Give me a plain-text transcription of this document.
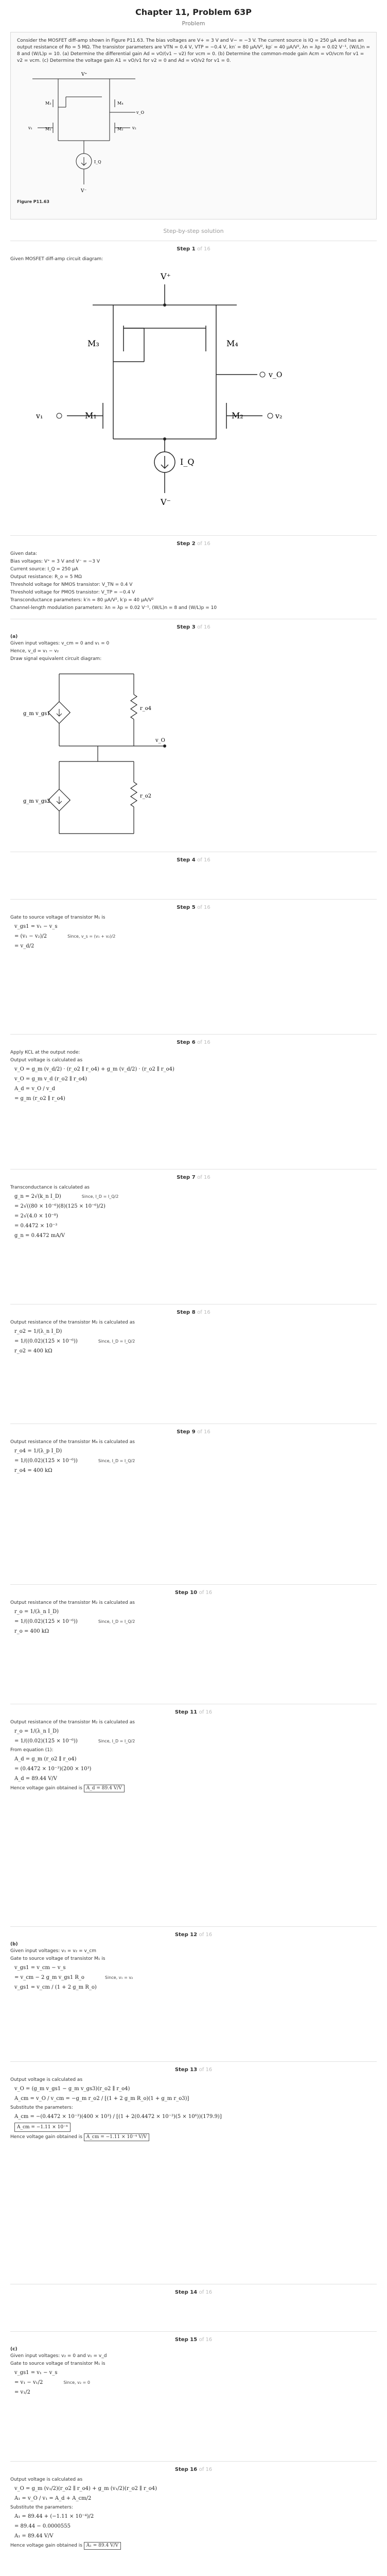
Chapter 11, Problem 63P
Problem
Consider the MOSFET diff-amp shown in Figure P11.63. The bias voltages are V+ = 3 V and V− = −3 V. The current source is IQ = 250 µA and has an output resistance of Ro = 5 MΩ. The transistor parameters are VTN = 0.4 V, VTP = −0.4 V, kn′ = 80 µA/V², kp′ = 40 µA/V², λn = λp = 0.02 V⁻¹, (W/L)n = 8 and (W/L)p = 10. (a) Determine the differential gain Ad = vO/(v1 − v2) for vcm = 0. (b) Determine the common-mode gain Acm = vO/vcm for v1 = v2 = vcm. (c) Determine the voltage gain A1 = vO/v1 for v2 = 0 and Ad = vO/v2 for v1 = 0.
V⁺
M₃	M₄
v_O
M₁	M₂
v₁	v₂
I_Q
V⁻
Figure P11.63
Step-by-step solution
Step 1 of 16
Given MOSFET diff-amp circuit diagram:
V⁺
M₃	M₄
v_O
M₁	M₂
v₁	v₂
I_Q
V⁻
Step 2 of 16
Given data:
Bias voltages: V⁺ = 3 V and V⁻ = −3 V
Current source: I_Q = 250 µA
Output resistance: R_o = 5 MΩ
Threshold voltage for NMOS transistor: V_TN = 0.4 V
Threshold voltage for PMOS transistor: V_TP = −0.4 V
Transconductance parameters: k′n = 80 µA/V², k′p = 40 µA/V²
Channel-length modulation parameters: λn = λp = 0.02 V⁻¹, (W/L)n = 8 and (W/L)p = 10
Step 3 of 16
(a)
Given input voltages: v_cm = 0 and v₁ = 0
Hence, v_d = v₁ − v₂
Draw signal equivalent circuit diagram:
g_m v_gs1
g_m v_gs2
r_o4
r_o2
v_O
Step 4 of 16
Step 5 of 16
Gate to source voltage of transistor M₁ is
v_gs1 = v₁ − v_s
= (v₁ − v₂)/2	Since, v_s = (v₁ + v₂)/2
= v_d/2
Step 6 of 16
Apply KCL at the output node:
Output voltage is calculated as
v_O = g_m (v_d/2) · (r_o2 ∥ r_o4) + g_m (v_d/2) · (r_o2 ∥ r_o4)
v_O = g_m v_d (r_o2 ∥ r_o4)
A_d = v_O / v_d
= g_m (r_o2 ∥ r_o4)
Step 7 of 16
Transconductance is calculated as
g_n = 2√(k_n I_D)	Since, I_D = I_Q/2
= 2√((80 × 10⁻⁶)(8)(125 × 10⁻⁶)/2)
= 2√(4.0 × 10⁻⁸)
= 0.4472 × 10⁻³
g_n = 0.4472 mA/V
Step 8 of 16
Output resistance of the transistor M₂ is calculated as
r_o2 = 1/(λ_n I_D)
= 1/((0.02)(125 × 10⁻⁶))	Since, I_D = I_Q/2
r_o2 = 400 kΩ
Step 9 of 16
Output resistance of the transistor M₄ is calculated as
r_o4 = 1/(λ_p I_D)
= 1/((0.02)(125 × 10⁻⁶))	Since, I_D = I_Q/2
r_o4 = 400 kΩ
Step 10 of 16
Output resistance of the transistor M₂ is calculated as
r_o = 1/(λ_n I_D)
= 1/((0.02)(125 × 10⁻⁶))	Since, I_D = I_Q/2
r_o = 400 kΩ
Step 11 of 16
Output resistance of the transistor M₂ is calculated as
r_o = 1/(λ_n I_D)
= 1/((0.02)(125 × 10⁻⁶))	Since, I_D = I_Q/2
From equation (1):
A_d = g_m (r_o2 ∥ r_o4)
= (0.4472 × 10⁻³)(200 × 10³)
A_d = 89.44 V/V
Hence voltage gain obtained is A_d = 89.4 V/V
Step 12 of 16
(b)
Given input voltages: v₁ = v₂ = v_cm
Gate to source voltage of transistor M₁ is
v_gs1 = v_cm − v_s
= v_cm − 2 g_m v_gs1 R_o	Since, v₁ = v₂
v_gs1 = v_cm / (1 + 2 g_m R_o)
Step 13 of 16
Output voltage is calculated as
v_O = (g_m v_gs1 − g_m v_gs3)(r_o2 ∥ r_o4)
A_cm = v_O / v_cm = −g_m r_o2 / [(1 + 2 g_m R_o)(1 + g_m r_o3)]
Substitute the parameters:
A_cm = −(0.4472 × 10⁻³)(400 × 10³) / [(1 + 2(0.4472 × 10⁻³)(5 × 10⁶))(179.9)]
A_cm = −1.11 × 10⁻⁴
Hence voltage gain obtained is A_cm = −1.11 × 10⁻⁴ V/V
Step 14 of 16
Step 15 of 16
(c)
Given input voltages: v₂ = 0 and v₁ = v_d
Gate to source voltage of transistor M₁ is
v_gs1 = v₁ − v_s
= v₁ − v₁/2	Since, v₂ = 0
= v₁/2
Step 16 of 16
Output voltage is calculated as
v_O = g_m (v₁/2)(r_o2 ∥ r_o4) + g_m (v₁/2)(r_o2 ∥ r_o4)
A₁ = v_O / v₁ = A_d + A_cm/2
Substitute the parameters:
A₁ = 89.44 + (−1.11 × 10⁻⁴)/2
= 89.44 − 0.0000555
A₁ = 89.44 V/V
Hence voltage gain obtained is A₁ = 89.4 V/V
